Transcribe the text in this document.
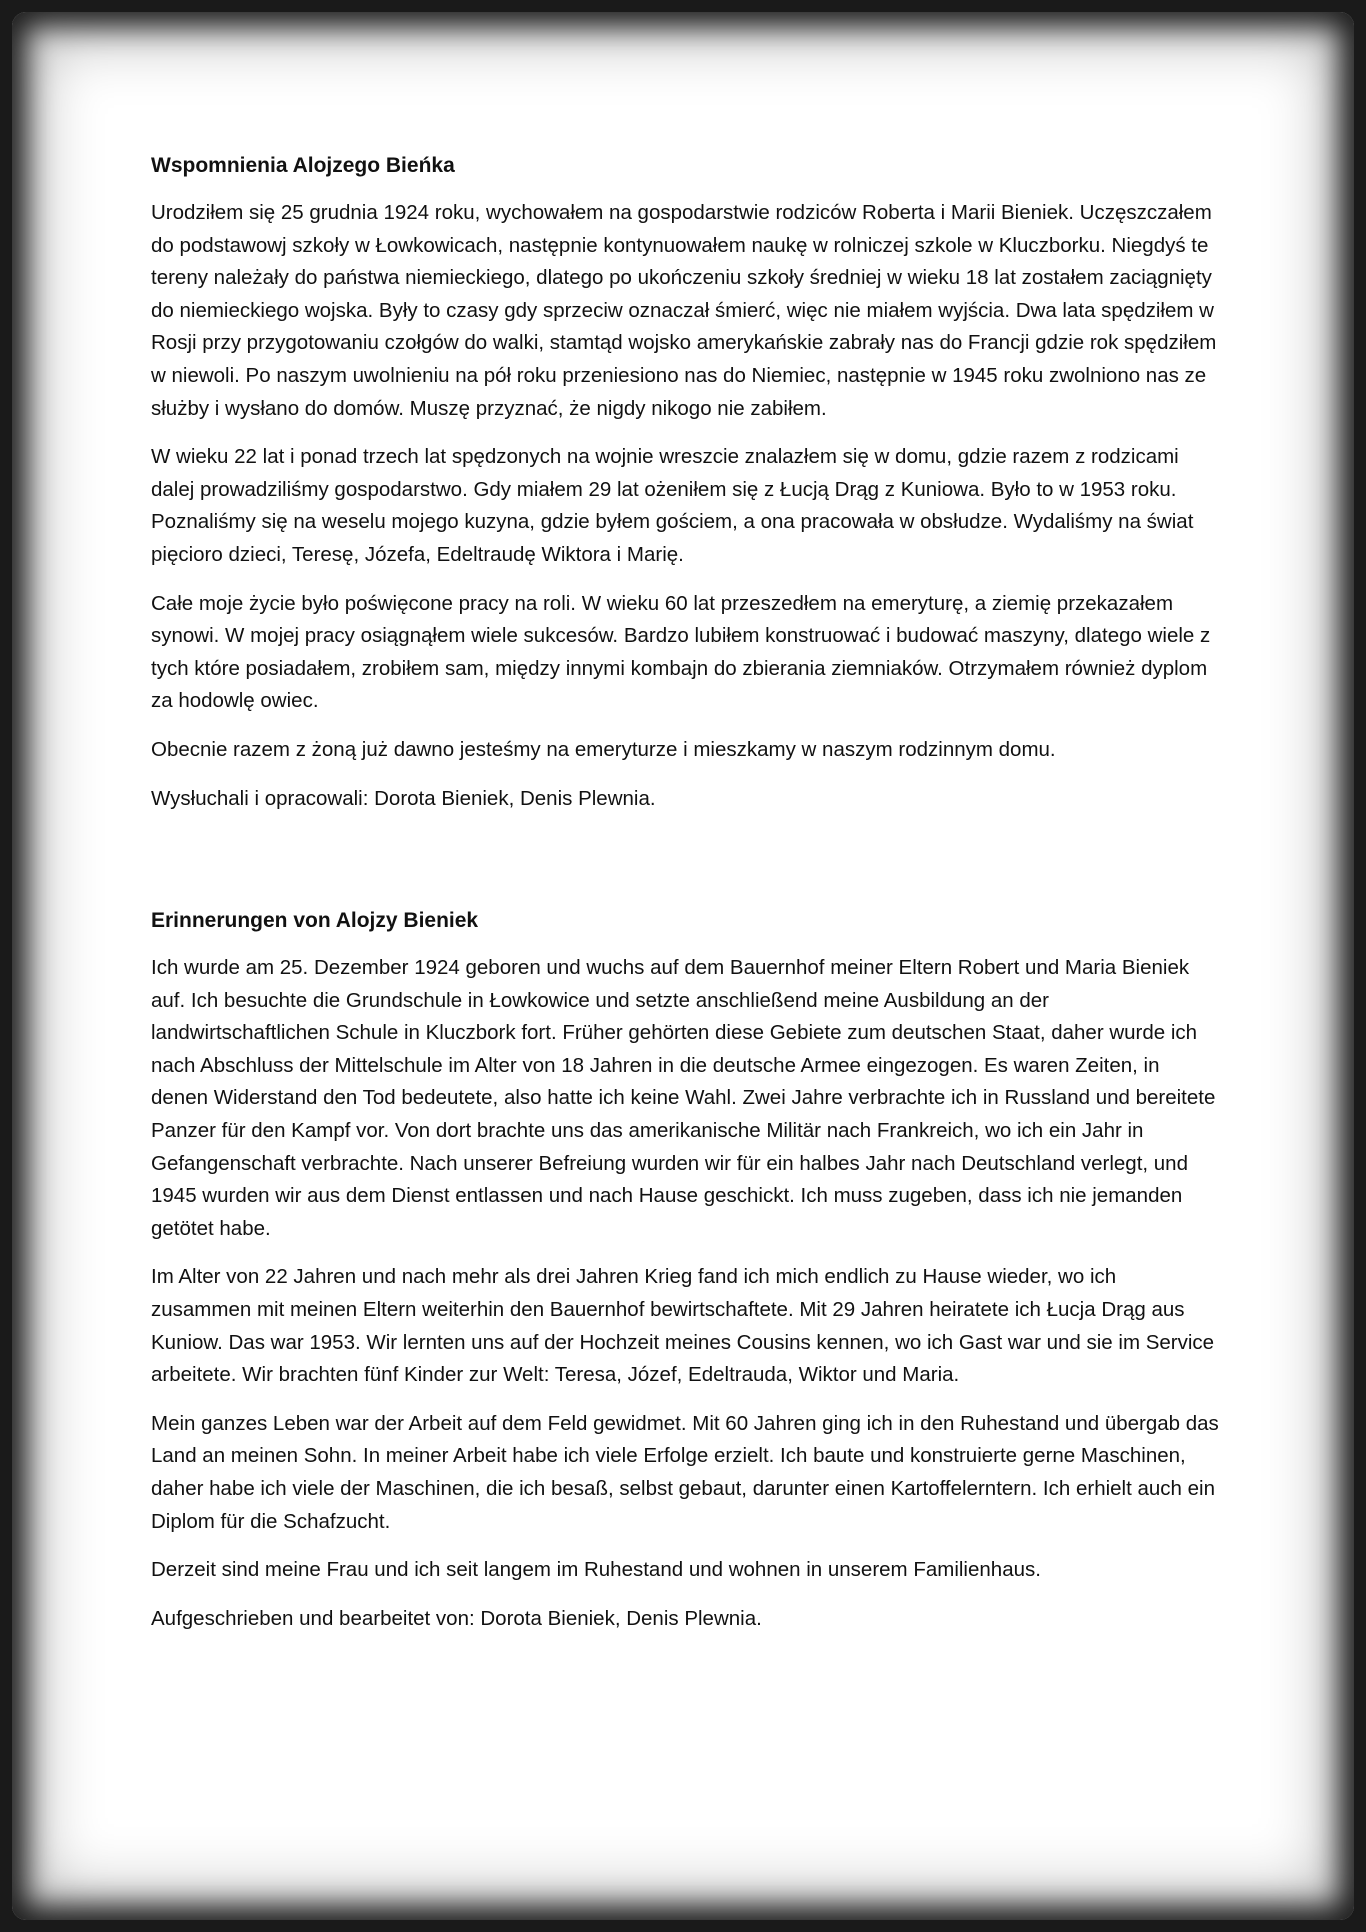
Wspomnienia Alojzego Bieńka
Urodziłem się 25 grudnia 1924 roku, wychowałem na gospodarstwie rodziców Roberta i Marii Bieniek. Uczęszczałem do podstawowj szkoły w Łowkowicach, następnie kontynuowałem naukę w rolniczej szkole w Kluczborku. Niegdyś te tereny należały do państwa niemieckiego, dlatego po ukończeniu szkoły średniej w wieku 18 lat zostałem zaciągnięty do niemieckiego wojska. Były to czasy gdy sprzeciw oznaczał śmierć, więc nie miałem wyjścia. Dwa lata spędziłem w Rosji przy przygotowaniu czołgów do walki, stamtąd wojsko amerykańskie zabrały nas do Francji gdzie rok spędziłem w niewoli. Po naszym uwolnieniu na pół roku przeniesiono nas do Niemiec, następnie w 1945 roku zwolniono nas ze służby i wysłano do domów. Muszę przyznać, że nigdy nikogo nie zabiłem.
W wieku 22 lat i ponad trzech lat spędzonych na wojnie wreszcie znalazłem się w domu, gdzie razem z rodzicami dalej prowadziliśmy gospodarstwo. Gdy miałem 29 lat ożeniłem się z Łucją Drąg z Kuniowa. Było to w 1953 roku. Poznaliśmy się na weselu mojego kuzyna, gdzie byłem gościem, a ona pracowała w obsłudze. Wydaliśmy na świat pięcioro dzieci, Teresę, Józefa, Edeltraudę Wiktora i Marię.
Całe moje życie było poświęcone pracy na roli. W wieku 60 lat przeszedłem na emeryturę, a ziemię przekazałem synowi. W mojej pracy osiągnąłem wiele sukcesów. Bardzo lubiłem konstruować i budować maszyny, dlatego wiele z tych które posiadałem, zrobiłem sam, między innymi kombajn do zbierania ziemniaków. Otrzymałem również dyplom za hodowlę owiec.
Obecnie razem z żoną już dawno jesteśmy na emeryturze i mieszkamy w naszym rodzinnym domu.
Wysłuchali i opracowali: Dorota Bieniek, Denis Plewnia.
Erinnerungen von Alojzy Bieniek
Ich wurde am 25. Dezember 1924 geboren und wuchs auf dem Bauernhof meiner Eltern Robert und Maria Bieniek auf. Ich besuchte die Grundschule in Łowkowice und setzte anschließend meine Ausbildung an der landwirtschaftlichen Schule in Kluczbork fort. Früher gehörten diese Gebiete zum deutschen Staat, daher wurde ich nach Abschluss der Mittelschule im Alter von 18 Jahren in die deutsche Armee eingezogen. Es waren Zeiten, in denen Widerstand den Tod bedeutete, also hatte ich keine Wahl. Zwei Jahre verbrachte ich in Russland und bereitete Panzer für den Kampf vor. Von dort brachte uns das amerikanische Militär nach Frankreich, wo ich ein Jahr in Gefangenschaft verbrachte. Nach unserer Befreiung wurden wir für ein halbes Jahr nach Deutschland verlegt, und 1945 wurden wir aus dem Dienst entlassen und nach Hause geschickt. Ich muss zugeben, dass ich nie jemanden getötet habe.
Im Alter von 22 Jahren und nach mehr als drei Jahren Krieg fand ich mich endlich zu Hause wieder, wo ich zusammen mit meinen Eltern weiterhin den Bauernhof bewirtschaftete. Mit 29 Jahren heiratete ich Łucja Drąg aus Kuniow. Das war 1953. Wir lernten uns auf der Hochzeit meines Cousins kennen, wo ich Gast war und sie im Service arbeitete. Wir brachten fünf Kinder zur Welt: Teresa, Józef, Edeltrauda, Wiktor und Maria.
Mein ganzes Leben war der Arbeit auf dem Feld gewidmet. Mit 60 Jahren ging ich in den Ruhestand und übergab das Land an meinen Sohn. In meiner Arbeit habe ich viele Erfolge erzielt. Ich baute und konstruierte gerne Maschinen, daher habe ich viele der Maschinen, die ich besaß, selbst gebaut, darunter einen Kartoffelerntern. Ich erhielt auch ein Diplom für die Schafzucht.
Derzeit sind meine Frau und ich seit langem im Ruhestand und wohnen in unserem Familienhaus.
Aufgeschrieben und bearbeitet von: Dorota Bieniek, Denis Plewnia.
